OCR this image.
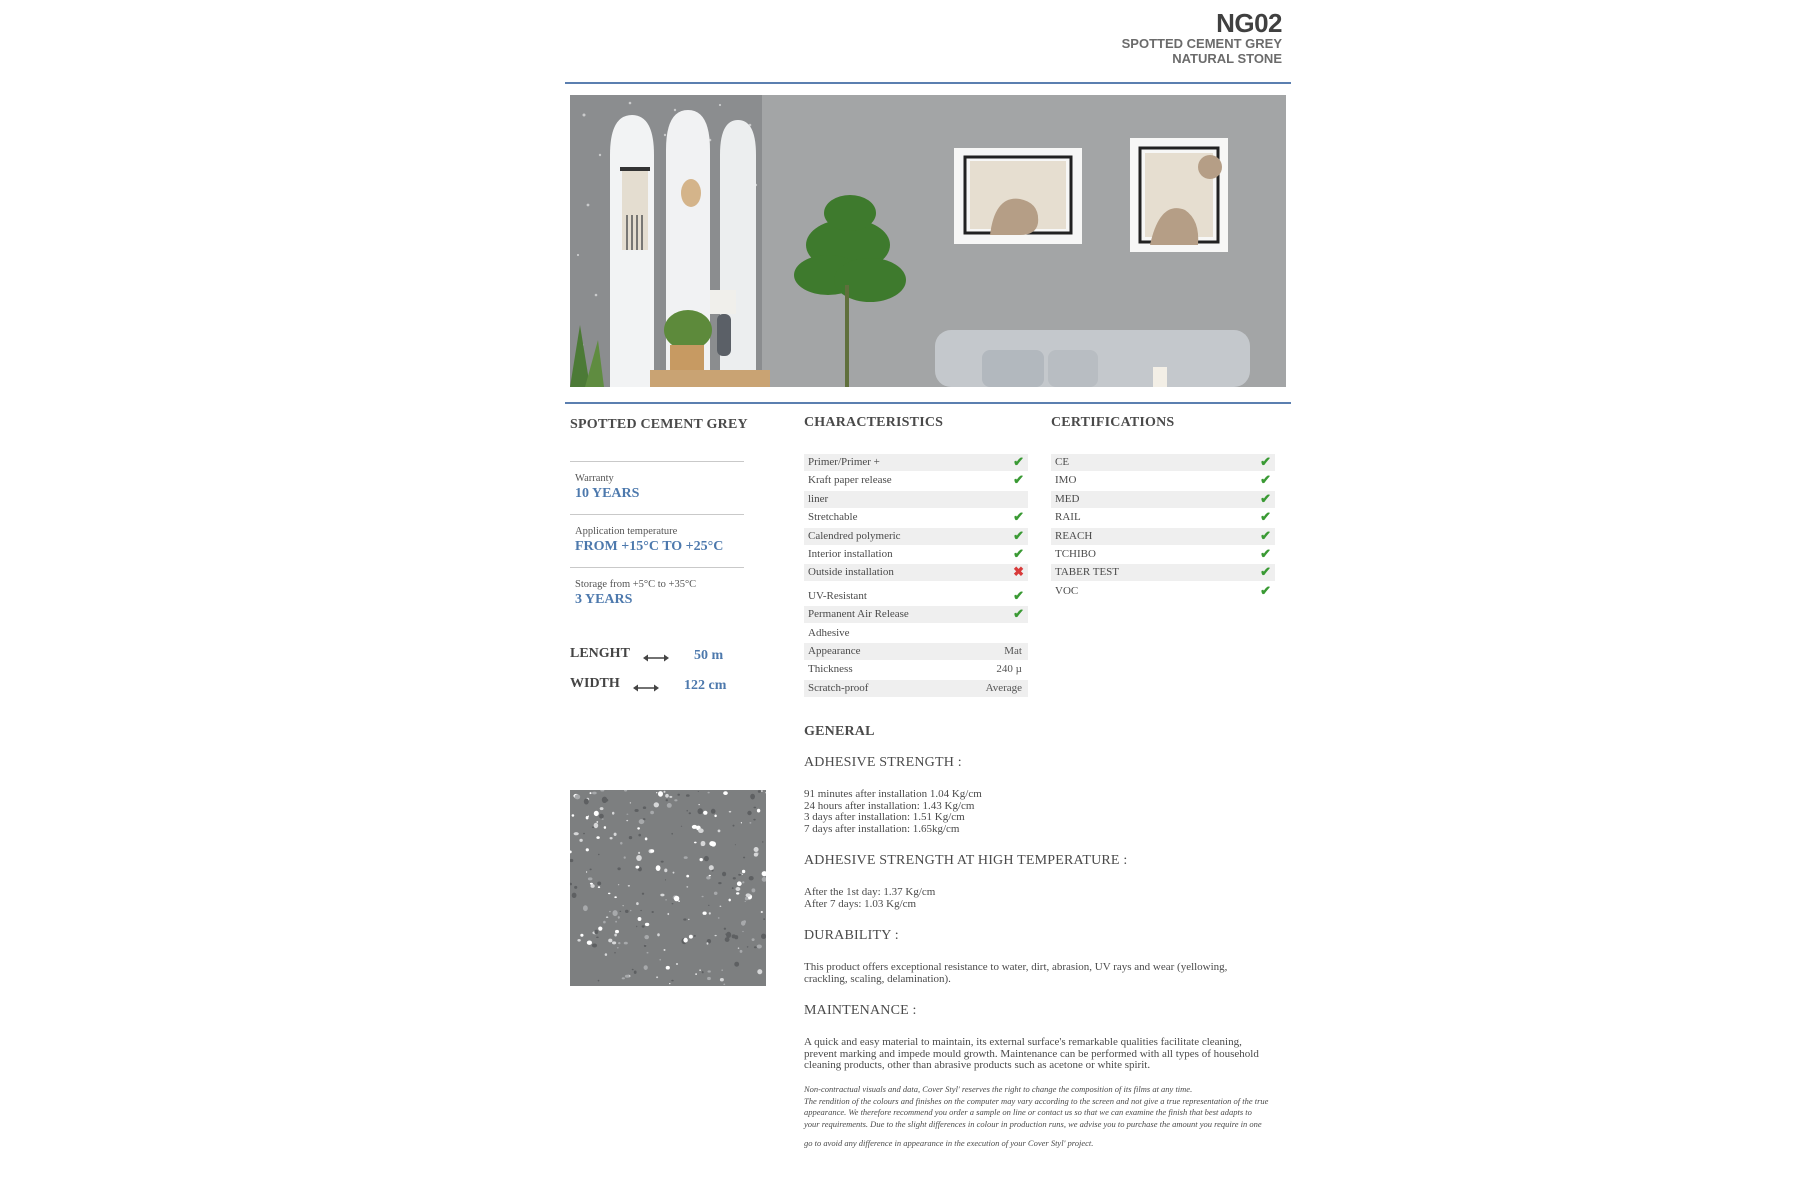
NG02
SPOTTED CEMENT GREY
NATURAL STONE
SPOTTED CEMENT GREY
Warranty
10 YEARS
Application temperature
FROM +15°C TO +25°C
Storage from +5°C to +35°C
3 YEARS
LENGHT	50 m
WIDTH	122 cm
CHARACTERISTICS
Primer/Primer +	✔
Kraft paper release	✔
liner
Stretchable	✔
Calendred polymeric	✔
Interior installation	✔
Outside installation	✖
UV-Resistant	✔
Permanent Air Release	✔
Adhesive
Appearance	Mat
Thickness	240 µ
Scratch-proof	Average
CERTIFICATIONS
CE	✔
IMO	✔
MED	✔
RAIL	✔
REACH	✔
TCHIBO	✔
TABER TEST	✔
VOC	✔
GENERAL
ADHESIVE STRENGTH :
91 minutes after installation 1.04 Kg/cm
24 hours after installation: 1.43 Kg/cm
3 days after installation: 1.51 Kg/cm
7 days after installation: 1.65kg/cm
ADHESIVE STRENGTH AT HIGH TEMPERATURE :
After the 1st day: 1.37 Kg/cm
After 7 days: 1.03 Kg/cm
DURABILITY :
This product offers exceptional resistance to water, dirt, abrasion, UV rays and wear (yellowing,
crackling, scaling, delamination).
MAINTENANCE :
A quick and easy material to maintain, its external surface's remarkable qualities facilitate cleaning,
prevent marking and impede mould growth. Maintenance can be performed with all types of household
cleaning products, other than abrasive products such as acetone or white spirit.
Non-contractual visuals and data, Cover Styl' reserves the right to change the composition of its films at any time.
The rendition of the colours and finishes on the computer may vary according to the screen and not give a true representation of the true
appearance. We therefore recommend you order a sample on line or contact us so that we can examine the finish that best adapts to
your requirements. Due to the slight differences in colour in production runs, we advise you to purchase the amount you require in one
go to avoid any difference in appearance in the execution of your Cover Styl' project.
